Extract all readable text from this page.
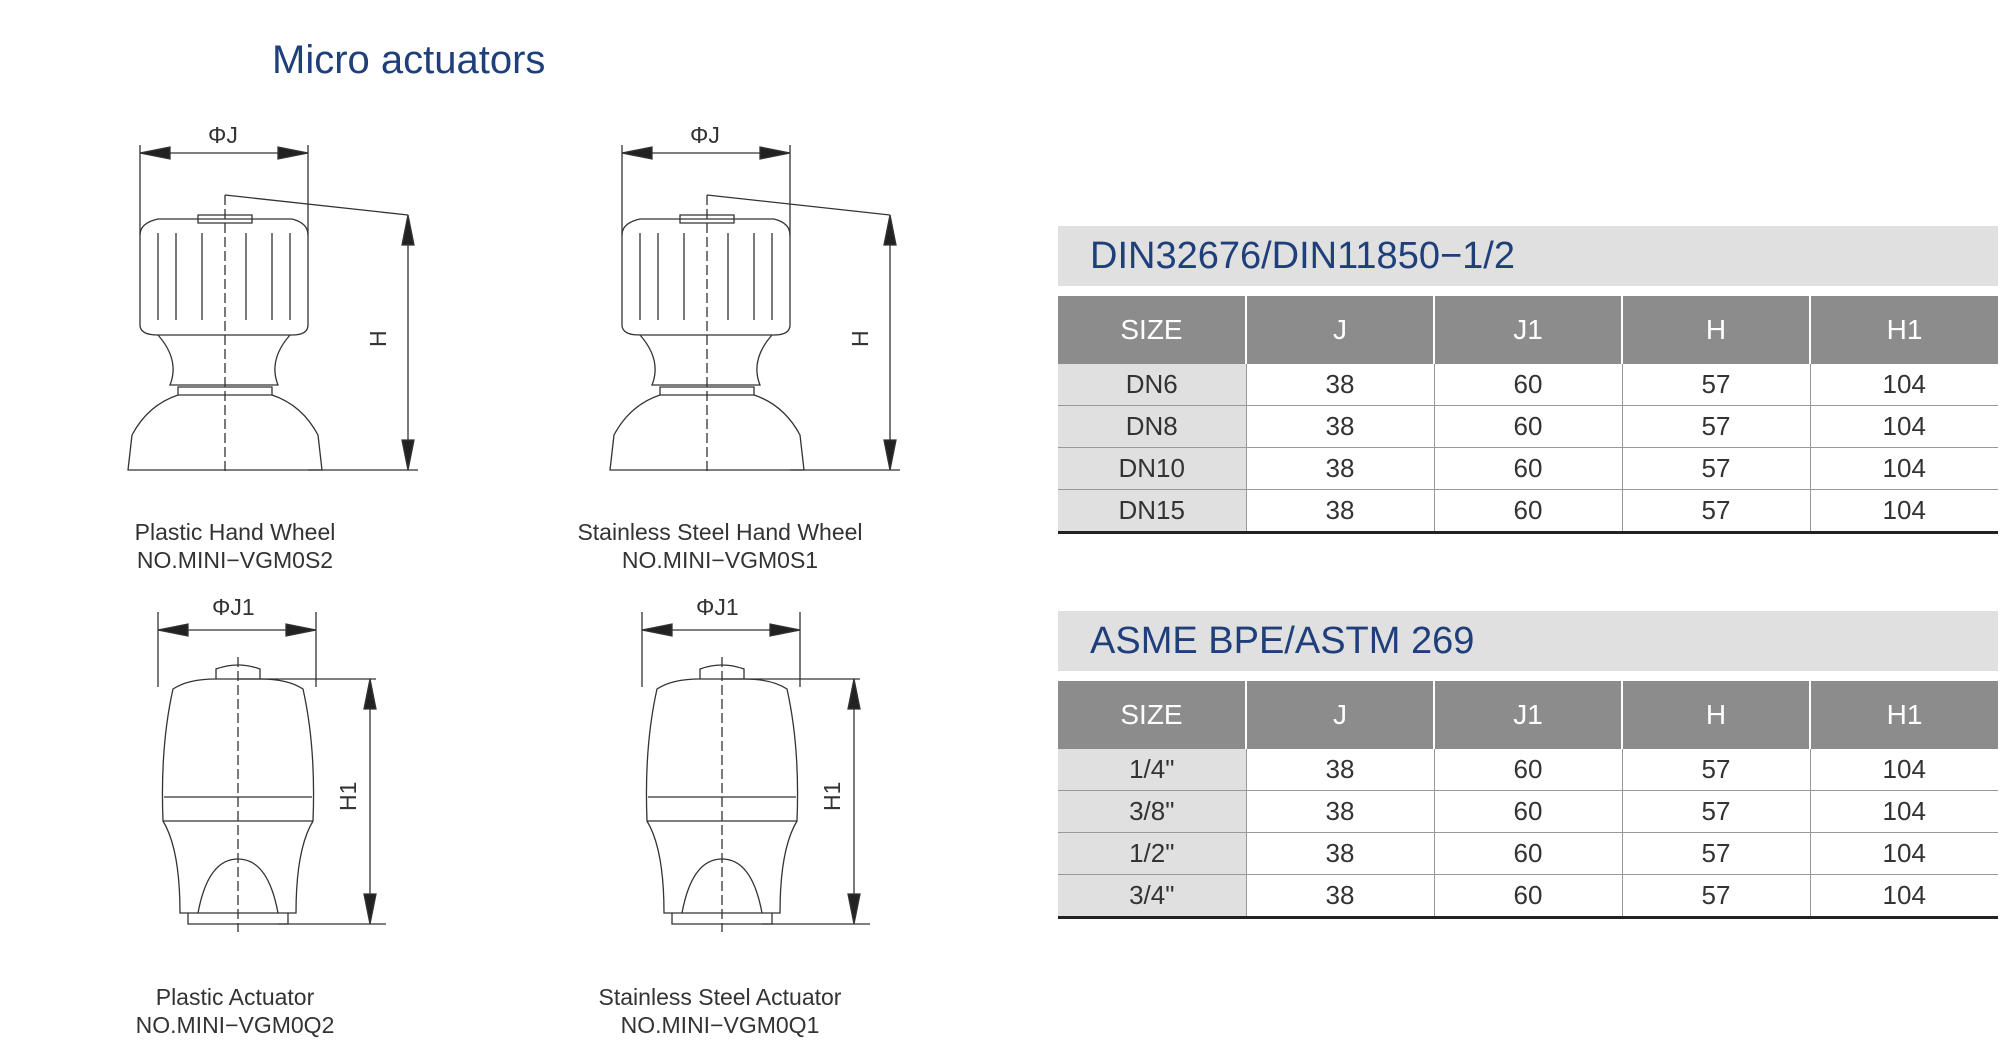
Micro actuators
ΦJ
H
ΦJ
H
ΦJ1
H1
ΦJ1
H1
Plastic Hand Wheel
NO.MINI−VGM0S2
Stainless Steel Hand Wheel
NO.MINI−VGM0S1
Plastic Actuator
NO.MINI−VGM0Q2
Stainless Steel Actuator
NO.MINI−VGM0Q1
DIN32676/DIN11850−1/2
SIZE	J	J1	H	H1
DN6	38	60	57	104
DN8	38	60	57	104
DN10	38	60	57	104
DN15	38	60	57	104
ASME BPE/ASTM 269
SIZE	J	J1	H	H1
1/4"	38	60	57	104
3/8"	38	60	57	104
1/2"	38	60	57	104
3/4"	38	60	57	104
